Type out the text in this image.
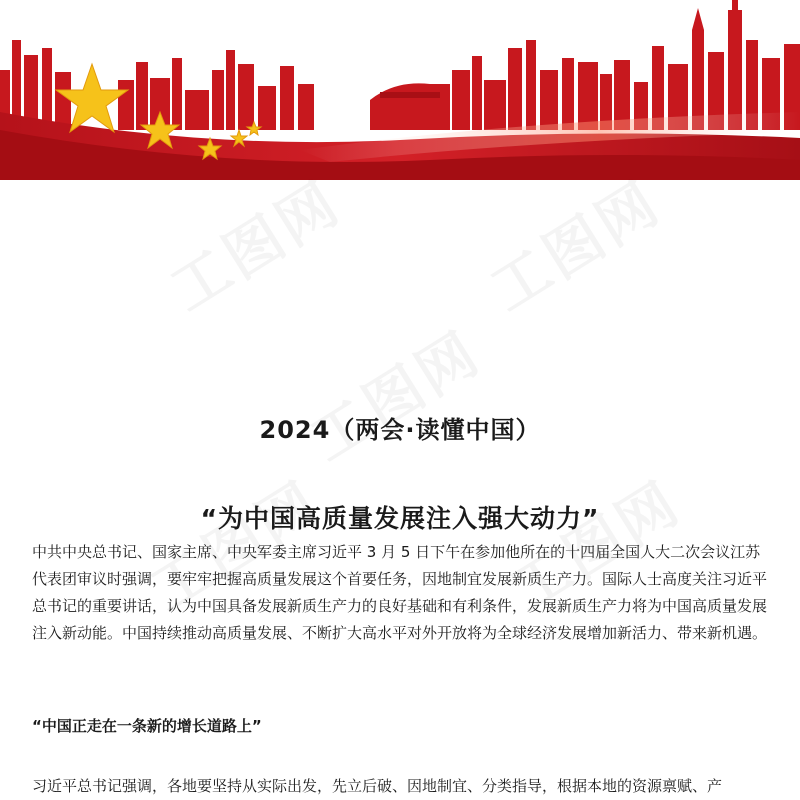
2024（两会·读懂中国）
“为中国高质量发展注入强大动力”

中共中央总书记、国家主席、中央军委主席习近平 3 月 5 日下午在参加他所在的十四届全国人大二次会议江苏代表团审议时强调，要牢牢把握高质量发展这个首要任务，因地制宜发展新质生产力。国际人士高度关注习近平总书记的重要讲话，认为中国具备发展新质生产力的良好基础和有利条件，发展新质生产力将为中国高质量发展注入新动能。中国持续推动高质量发展、不断扩大高水平对外开放将为全球经济发展增加新活力、带来新机遇。

“中国正走在一条新的增长道路上”

习近平总书记强调，各地要坚持从实际出发，先立后破、因地制宜、分类指导，根据本地的资源禀赋、产
